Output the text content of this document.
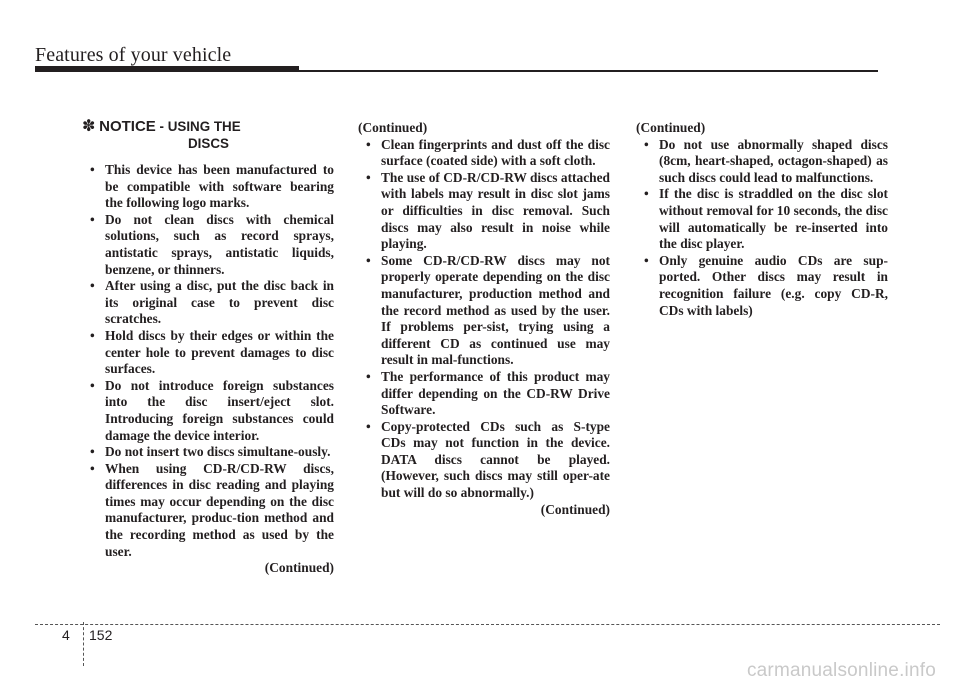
Features of your vehicle
✽ NOTICE - USING THE
DISCS
• This device has been manufactured to be compatible with software bearing the following logo marks.
• Do not clean discs with chemical solutions, such as record sprays, antistatic sprays, antistatic liquids, benzene, or thinners.
• After using a disc, put the disc back in its original case to prevent disc scratches.
• Hold discs by their edges or within the center hole to prevent damages to disc surfaces.
• Do not introduce foreign substances into the disc insert/eject slot. Introducing foreign substances could damage the device interior.
• Do not insert two discs simultane-ously.
• When using CD-R/CD-RW discs, differences in disc reading and playing times may occur depending on the disc manufacturer, produc-tion method and the recording method as used by the user.
(Continued)
(Continued)
• Clean fingerprints and dust off the disc surface (coated side) with a soft cloth.
• The use of CD-R/CD-RW discs attached with labels may result in disc slot jams or difficulties in disc removal. Such discs may also result in noise while playing.
• Some CD-R/CD-RW discs may not properly operate depending on the disc manufacturer, production method and the record method as used by the user. If problems per-sist, trying using a different CD as continued use may result in mal-functions.
• The performance of this product may differ depending on the CD-RW Drive Software.
• Copy-protected CDs such as S-type CDs may not function in the device. DATA discs cannot be played. (However, such discs may still oper-ate but will do so abnormally.)
(Continued)
(Continued)
• Do not use abnormally shaped discs (8cm, heart-shaped, octagon-shaped) as such discs could lead to malfunctions.
• If the disc is straddled on the disc slot without removal for 10 seconds, the disc will automatically be re-inserted into the disc player.
• Only genuine audio CDs are sup-ported. Other discs may result in recognition failure (e.g. copy CD-R, CDs with labels)
4 152
carmanualsonline.info
